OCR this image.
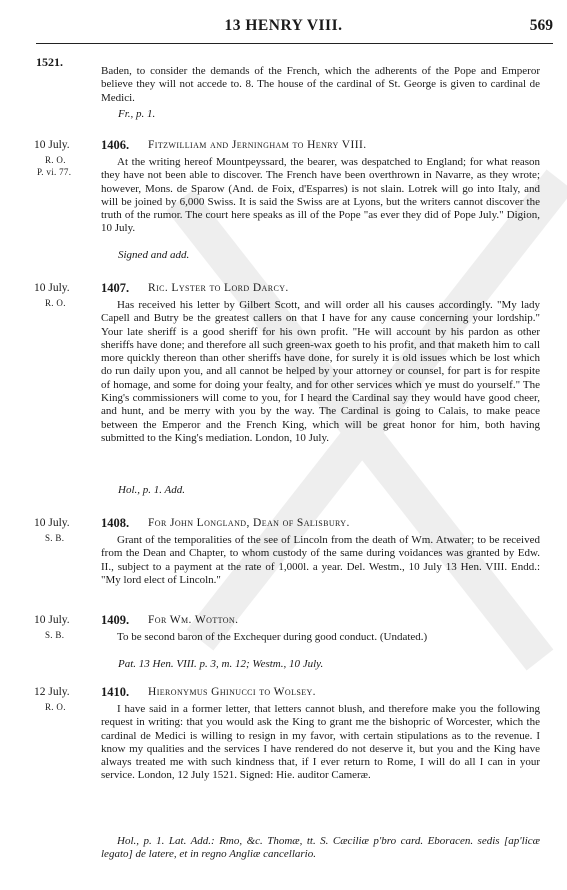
13 HENRY VIII.	569
1521.
Baden, to consider the demands of the French, which the adherents of the Pope and Emperor believe they will not accede to. 8. The house of the cardinal of St. George is given to cardinal de Medici.
Fr., p. 1.
10 July.
R. O.
P. vi. 77.
1406. Fitzwilliam and Jerningham to Henry VIII.
At the writing hereof Mountpeyssard, the bearer, was despatched to England; for what reason they have not been able to discover. The French have been overthrown in Navarre, as they wrote; however, Mons. de Sparow (And. de Foix, d'Esparres) is not slain. Lotrek will go into Italy, and will be joined by 6,000 Swiss. It is said the Swiss are at Lyons, but the writers cannot discover the truth of the rumor. The court here speaks as ill of the Pope "as ever they did of Pope July." Digion, 10 July.
Signed and add.
10 July.
R. O.
1407. Ric. Lyster to Lord Darcy.
Has received his letter by Gilbert Scott, and will order all his causes accordingly. "My lady Capell and Butry be the greatest callers on that I have for any cause concerning your lordship." Your late sheriff is a good sheriff for his own profit. "He will account by his pardon as other sheriffs have done; and therefore all such green-wax goeth to his profit, and that maketh him to call more quickly thereon than other sheriffs have done, for surely it is old issues which be lost which do run daily upon you, and all cannot be helped by your attorney or counsel, for part is for respite of homage, and some for doing your fealty, and for other services which ye must do yourself." The King's commissioners will come to you, for I heard the Cardinal say they would have good cheer, and hunt, and be merry with you by the way. The Cardinal is going to Calais, to make peace between the Emperor and the French King, which will be great honor for him, both having submitted to the King's mediation. London, 10 July.
Hol., p. 1. Add.
10 July.
S. B.
1408. For John Longland, Dean of Salisbury.
Grant of the temporalities of the see of Lincoln from the death of Wm. Atwater; to be received from the Dean and Chapter, to whom custody of the same during voidances was granted by Edw. II., subject to a payment at the rate of 1,000l. a year. Del. Westm., 10 July 13 Hen. VIII. Endd.: "My lord elect of Lincoln."
10 July.
S. B.
1409. For Wm. Wotton.
To be second baron of the Exchequer during good conduct. (Undated.)
Pat. 13 Hen. VIII. p. 3, m. 12; Westm., 10 July.
12 July.
R. O.
1410. Hieronymus Ghinucci to Wolsey.
I have said in a former letter, that letters cannot blush, and therefore make you the following request in writing: that you would ask the King to grant me the bishopric of Worcester, which the cardinal de Medici is willing to resign in my favor, with certain stipulations as to the revenue. I know my qualities and the services I have rendered do not deserve it, but you and the King have always treated me with such kindness that, if I ever return to Rome, I will do all I can in your service. London, 12 July 1521. Signed: Hie. auditor Cameræ.
Hol., p. 1. Lat. Add.: Rmo, &c. Thomæ, tt. S. Cæciliæ p'bro card. Eboracen. sedis [ap'licæ legato] de latere, et in regno Angliæ cancellario.
